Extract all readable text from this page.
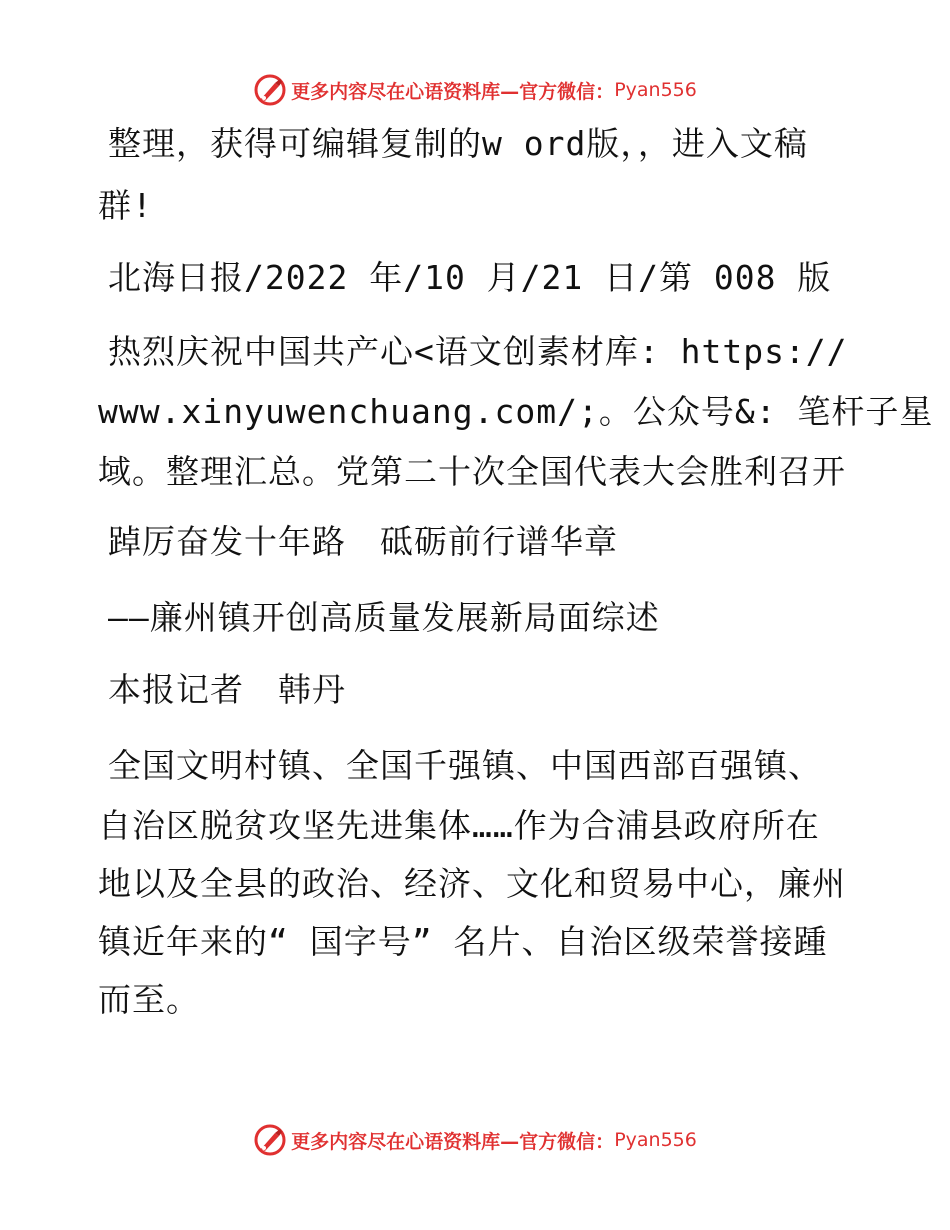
更多内容尽在心语资料库 —官方微信： Pyan556
整理，获得可编辑复制的w ord版，，进入文稿
群!
北海日报/2022 年/10 月/21 日/第 008 版
热烈庆祝中国共产心<语文创素材库: https://
www.xinyuwenchuang.com/;。公众号&: 笔杆子星
域。整理汇总。党第二十次全国代表大会胜利召开
踔厉奋发十年路　砥砺前行谱华章
——廉州镇开创高质量发展新局面综述
本报记者　韩丹
全国文明村镇、全国千强镇、中国西部百强镇、
自治区脱贫攻坚先进集体……作为合浦县政府所在
地以及全县的政治、经济、文化和贸易中心，廉州
镇近年来的“ 国字号” 名片、自治区级荣誉接踵
而至。
更多内容尽在心语资料库 —官方微信： Pyan556
